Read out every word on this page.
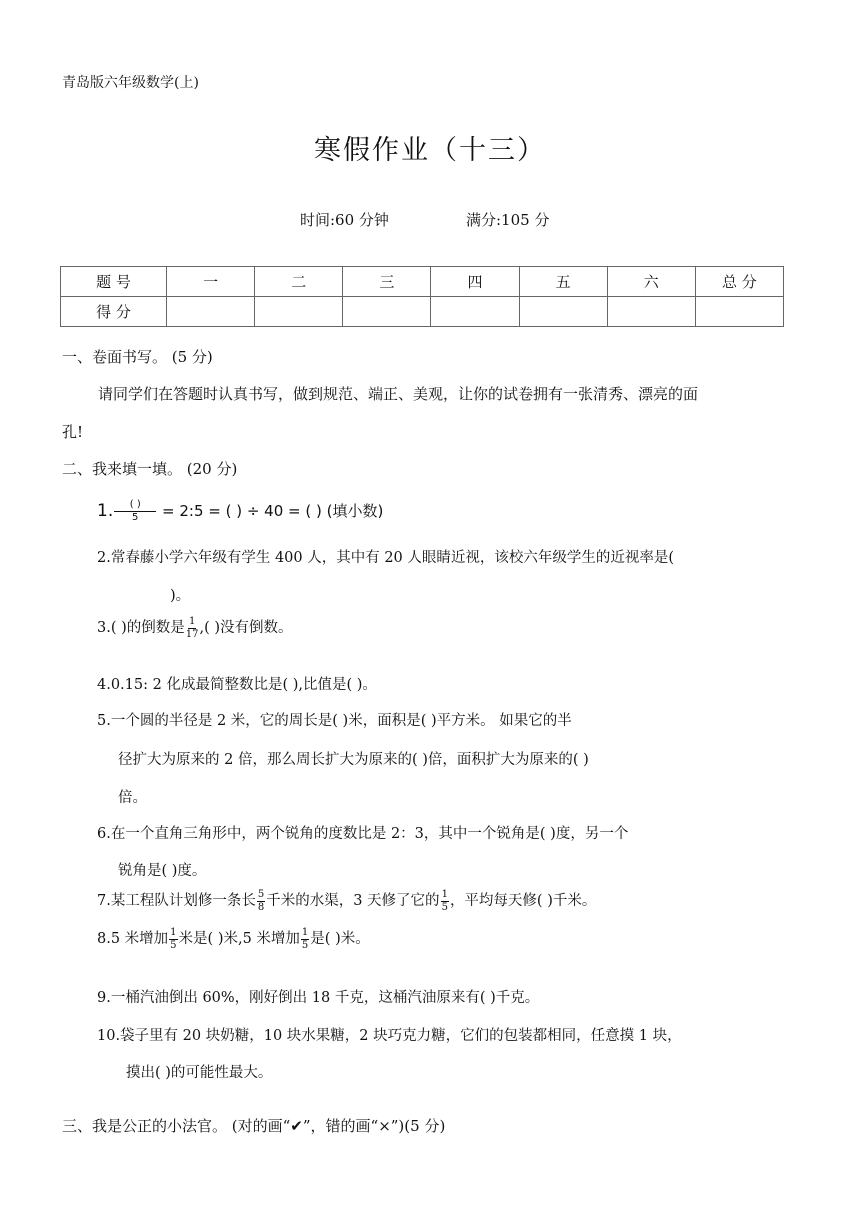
青岛版六年级数学(上)
寒假作业（十三）
时间:60 分钟	满分:105 分
题 号	一	二	三	四	五	六	总 分
得 分							
一、卷面书写。 (5 分)
请同学们在答题时认真书写，做到规范、端正、美观，让你的试卷拥有一张清秀、漂亮的面
孔!
二、我来填一填。 (20 分)
1. $\frac{( )}{5}$ = 2:5 = ( ) ÷ 40 = ( ) (填小数)
2.常春藤小学六年级有学生 400 人，其中有 20 人眼睛近视，该校六年级学生的近视率是(
)。
3.( )的倒数是 $\frac{1}{17}$ ,( )没有倒数。
4.0.15: 2 化成最简整数比是( ),比值是( )。
5.一个圆的半径是 2 米，它的周长是( )米，面积是( )平方米。 如果它的半
径扩大为原来的 2 倍，那么周长扩大为原来的( )倍，面积扩大为原来的( )
倍。
6.在一个直角三角形中，两个锐角的度数比是 2：3，其中一个锐角是( )度，另一个
锐角是( )度。
7.某工程队计划修一条长 $\frac{5}{8}$ 千米的水渠，3 天修了它的 $\frac{1}{5}$ ，平均每天修( )千米。
8.5 米增加 $\frac{1}{5}$ 米是( )米,5 米增加 $\frac{1}{5}$ 是( )米。
9.一桶汽油倒出 60%，刚好倒出 18 千克，这桶汽油原来有( )千克。
10.袋子里有 20 块奶糖，10 块水果糖，2 块巧克力糖，它们的包装都相同，任意摸 1 块，
摸出( )的可能性最大。
三、我是公正的小法官。 (对的画“✔”，错的画“×”)(5 分)
